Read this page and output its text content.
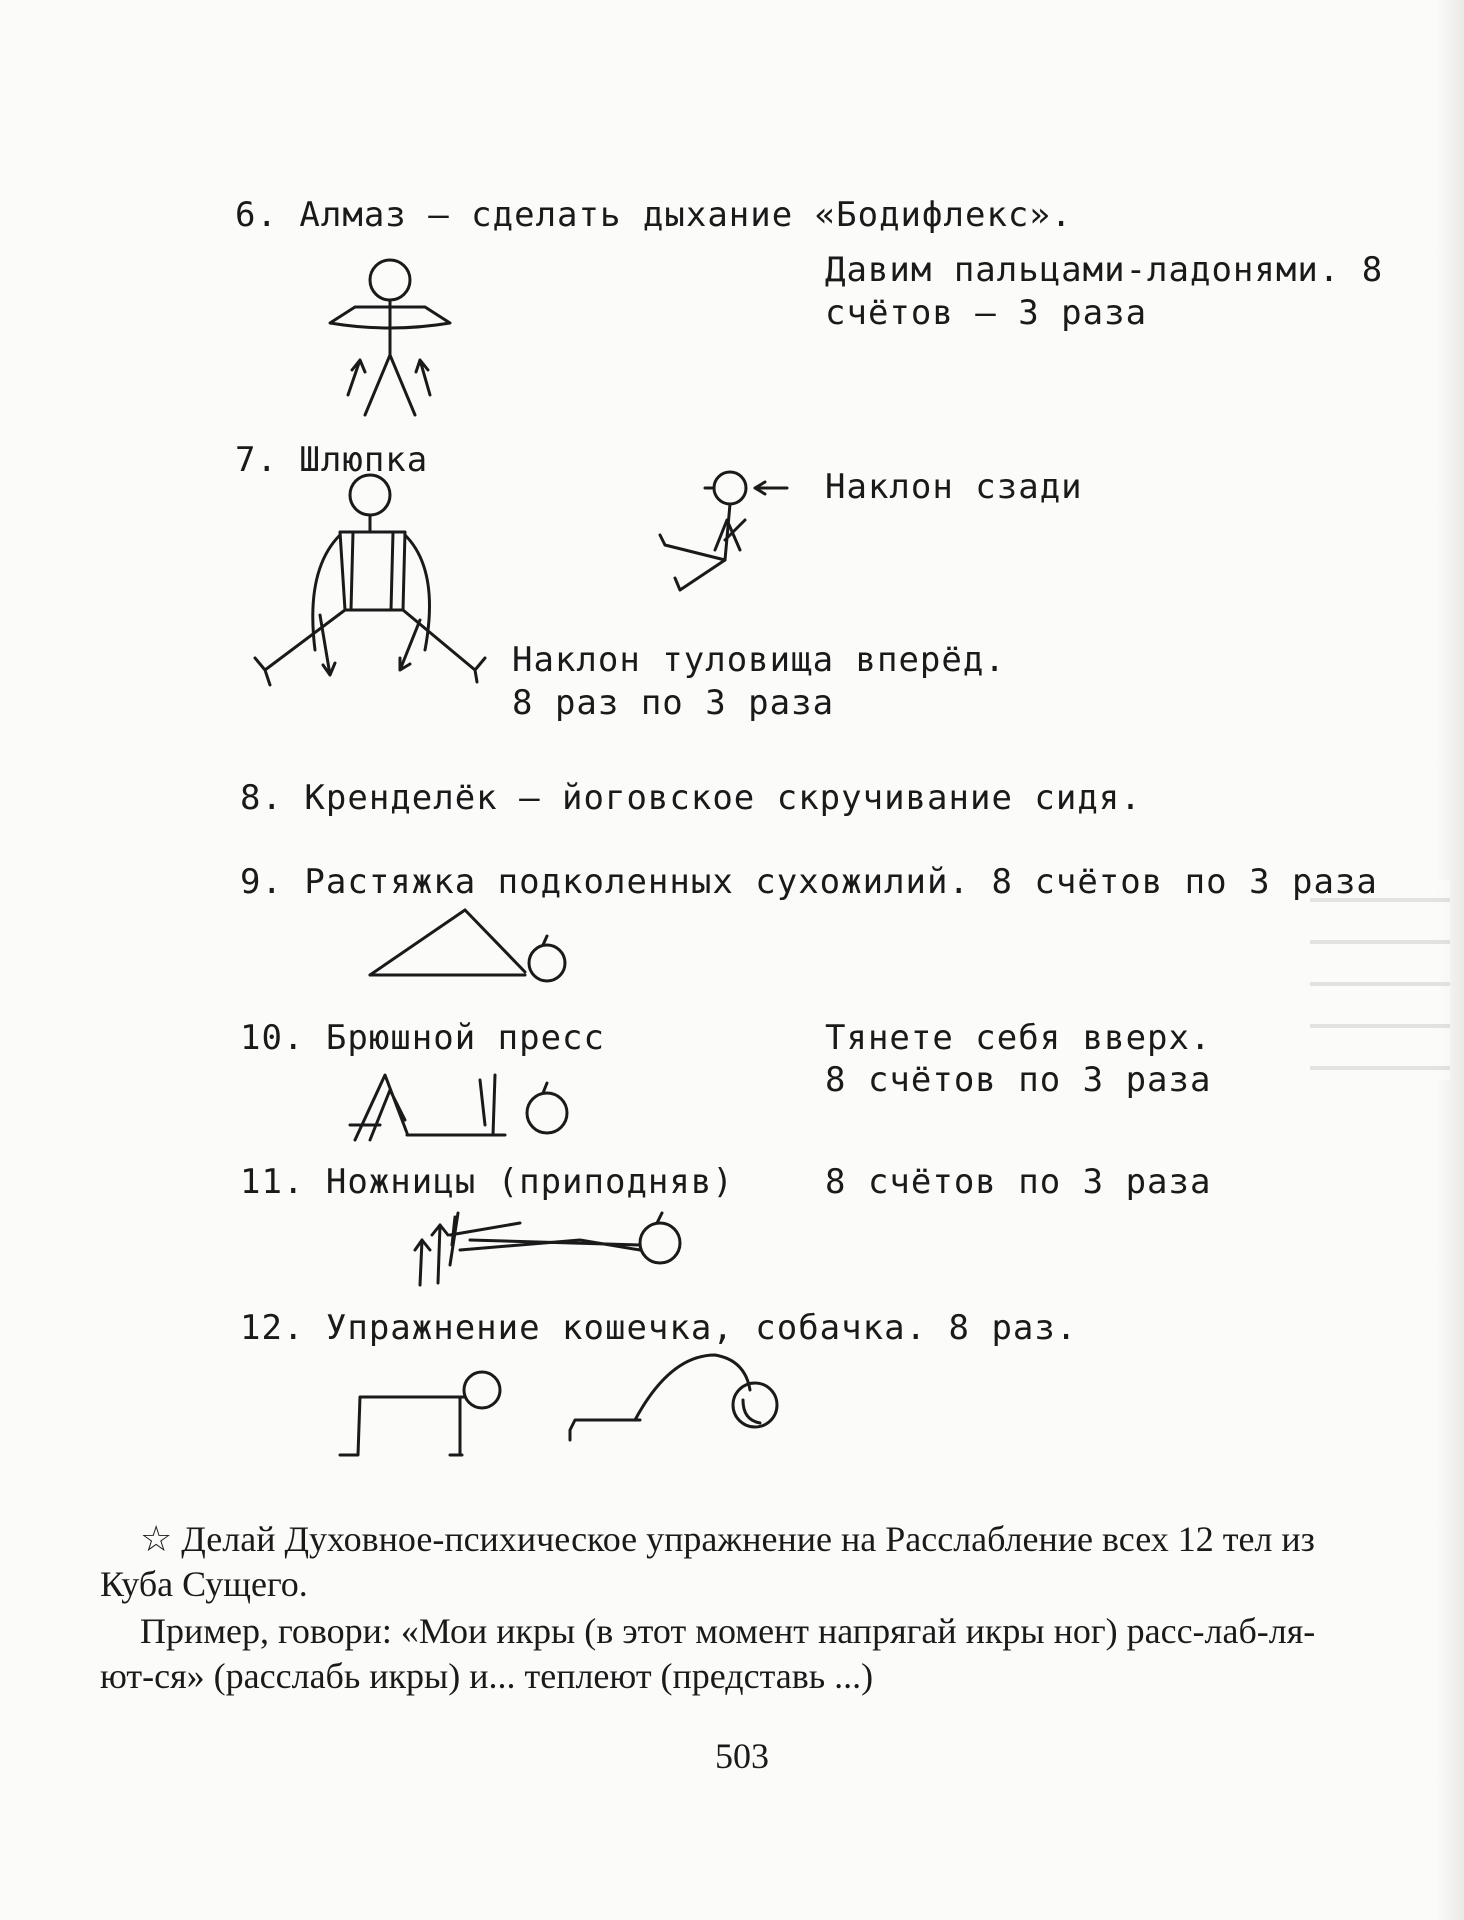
6. Алмаз – сделать дыхание «Бодифлекс».
Давим пальцами-ладонями. 8
счётов – 3 раза
7. Шлюпка
Наклон сзади
Наклон туловища вперёд.
8 раз по 3 раза
8. Кренделёк – йоговское скручивание сидя.
9. Растяжка подколенных сухожилий. 8 счётов по 3 раза
10. Брюшной пресс	Тянете себя вверх.
8 счётов по 3 раза
11. Ножницы (приподняв)	8 счётов по 3 раза
12. Упражнение кошечка, собачка. 8 раз.
☆ Делай Духовное-психическое упражнение на Расслабление всех 12 тел из
Куба Сущего.
Пример, говори: «Мои икры (в этот момент напрягай икры ног) расс-лаб-ля-
ют-ся» (расслабь икры) и... теплеют (представь ...)
503
